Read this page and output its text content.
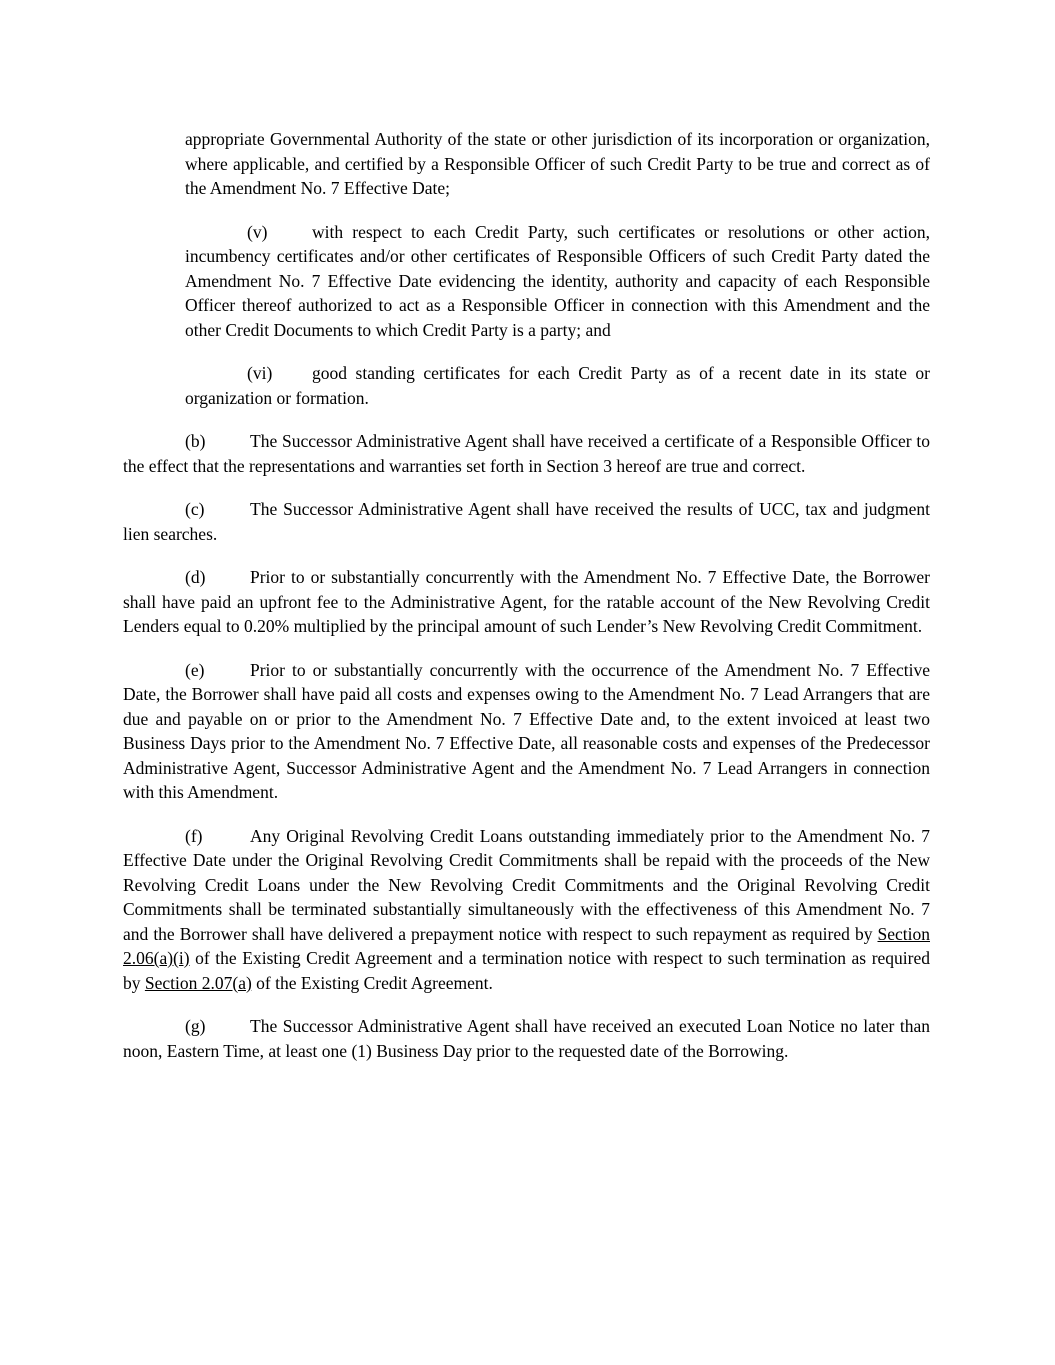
appropriate Governmental Authority of the state or other jurisdiction of its incorporation or organization, where applicable, and certified by a Responsible Officer of such Credit Party to be true and correct as of the Amendment No. 7 Effective Date;

(v)	with respect to each Credit Party, such certificates or resolutions or other action, incumbency certificates and/or other certificates of Responsible Officers of such Credit Party dated the Amendment No. 7 Effective Date evidencing the identity, authority and capacity of each Responsible Officer thereof authorized to act as a Responsible Officer in connection with this Amendment and the other Credit Documents to which Credit Party is a party; and

(vi) good standing certificates for each Credit Party as of a recent date in its state or organization or formation.

(b)	The Successor Administrative Agent shall have received a certificate of a Responsible Officer to the effect that the representations and warranties set forth in Section 3 hereof are true and correct.

(c)	The Successor Administrative Agent shall have received the results of UCC, tax and judgment lien searches.

(d)	Prior to or substantially concurrently with the Amendment No. 7 Effective Date, the Borrower shall have paid an upfront fee to the Administrative Agent, for the ratable account of the New Revolving Credit Lenders equal to 0.20% multiplied by the principal amount of such Lender’s New Revolving Credit Commitment.

(e)	Prior to or substantially concurrently with the occurrence of the Amendment No. 7 Effective Date, the Borrower shall have paid all costs and expenses owing to the Amendment No. 7 Lead Arrangers that are due and payable on or prior to the Amendment No. 7 Effective Date and, to the extent invoiced at least two Business Days prior to the Amendment No. 7 Effective Date, all reasonable costs and expenses of the Predecessor Administrative Agent, Successor Administrative Agent and the Amendment No. 7 Lead Arrangers in connection with this Amendment.

(f)	Any Original Revolving Credit Loans outstanding immediately prior to the Amendment No. 7 Effective Date under the Original Revolving Credit Commitments shall be repaid with the proceeds of the New Revolving Credit Loans under the New Revolving Credit Commitments and the Original Revolving Credit Commitments shall be terminated substantially simultaneously with the effectiveness of this Amendment No. 7 and the Borrower shall have delivered a prepayment notice with respect to such repayment as required by Section 2.06(a)(i) of the Existing Credit Agreement and a termination notice with respect to such termination as required by Section 2.07(a) of the Existing Credit Agreement.

(g)	The Successor Administrative Agent shall have received an executed Loan Notice no later than noon, Eastern Time, at least one (1) Business Day prior to the requested date of the Borrowing.
